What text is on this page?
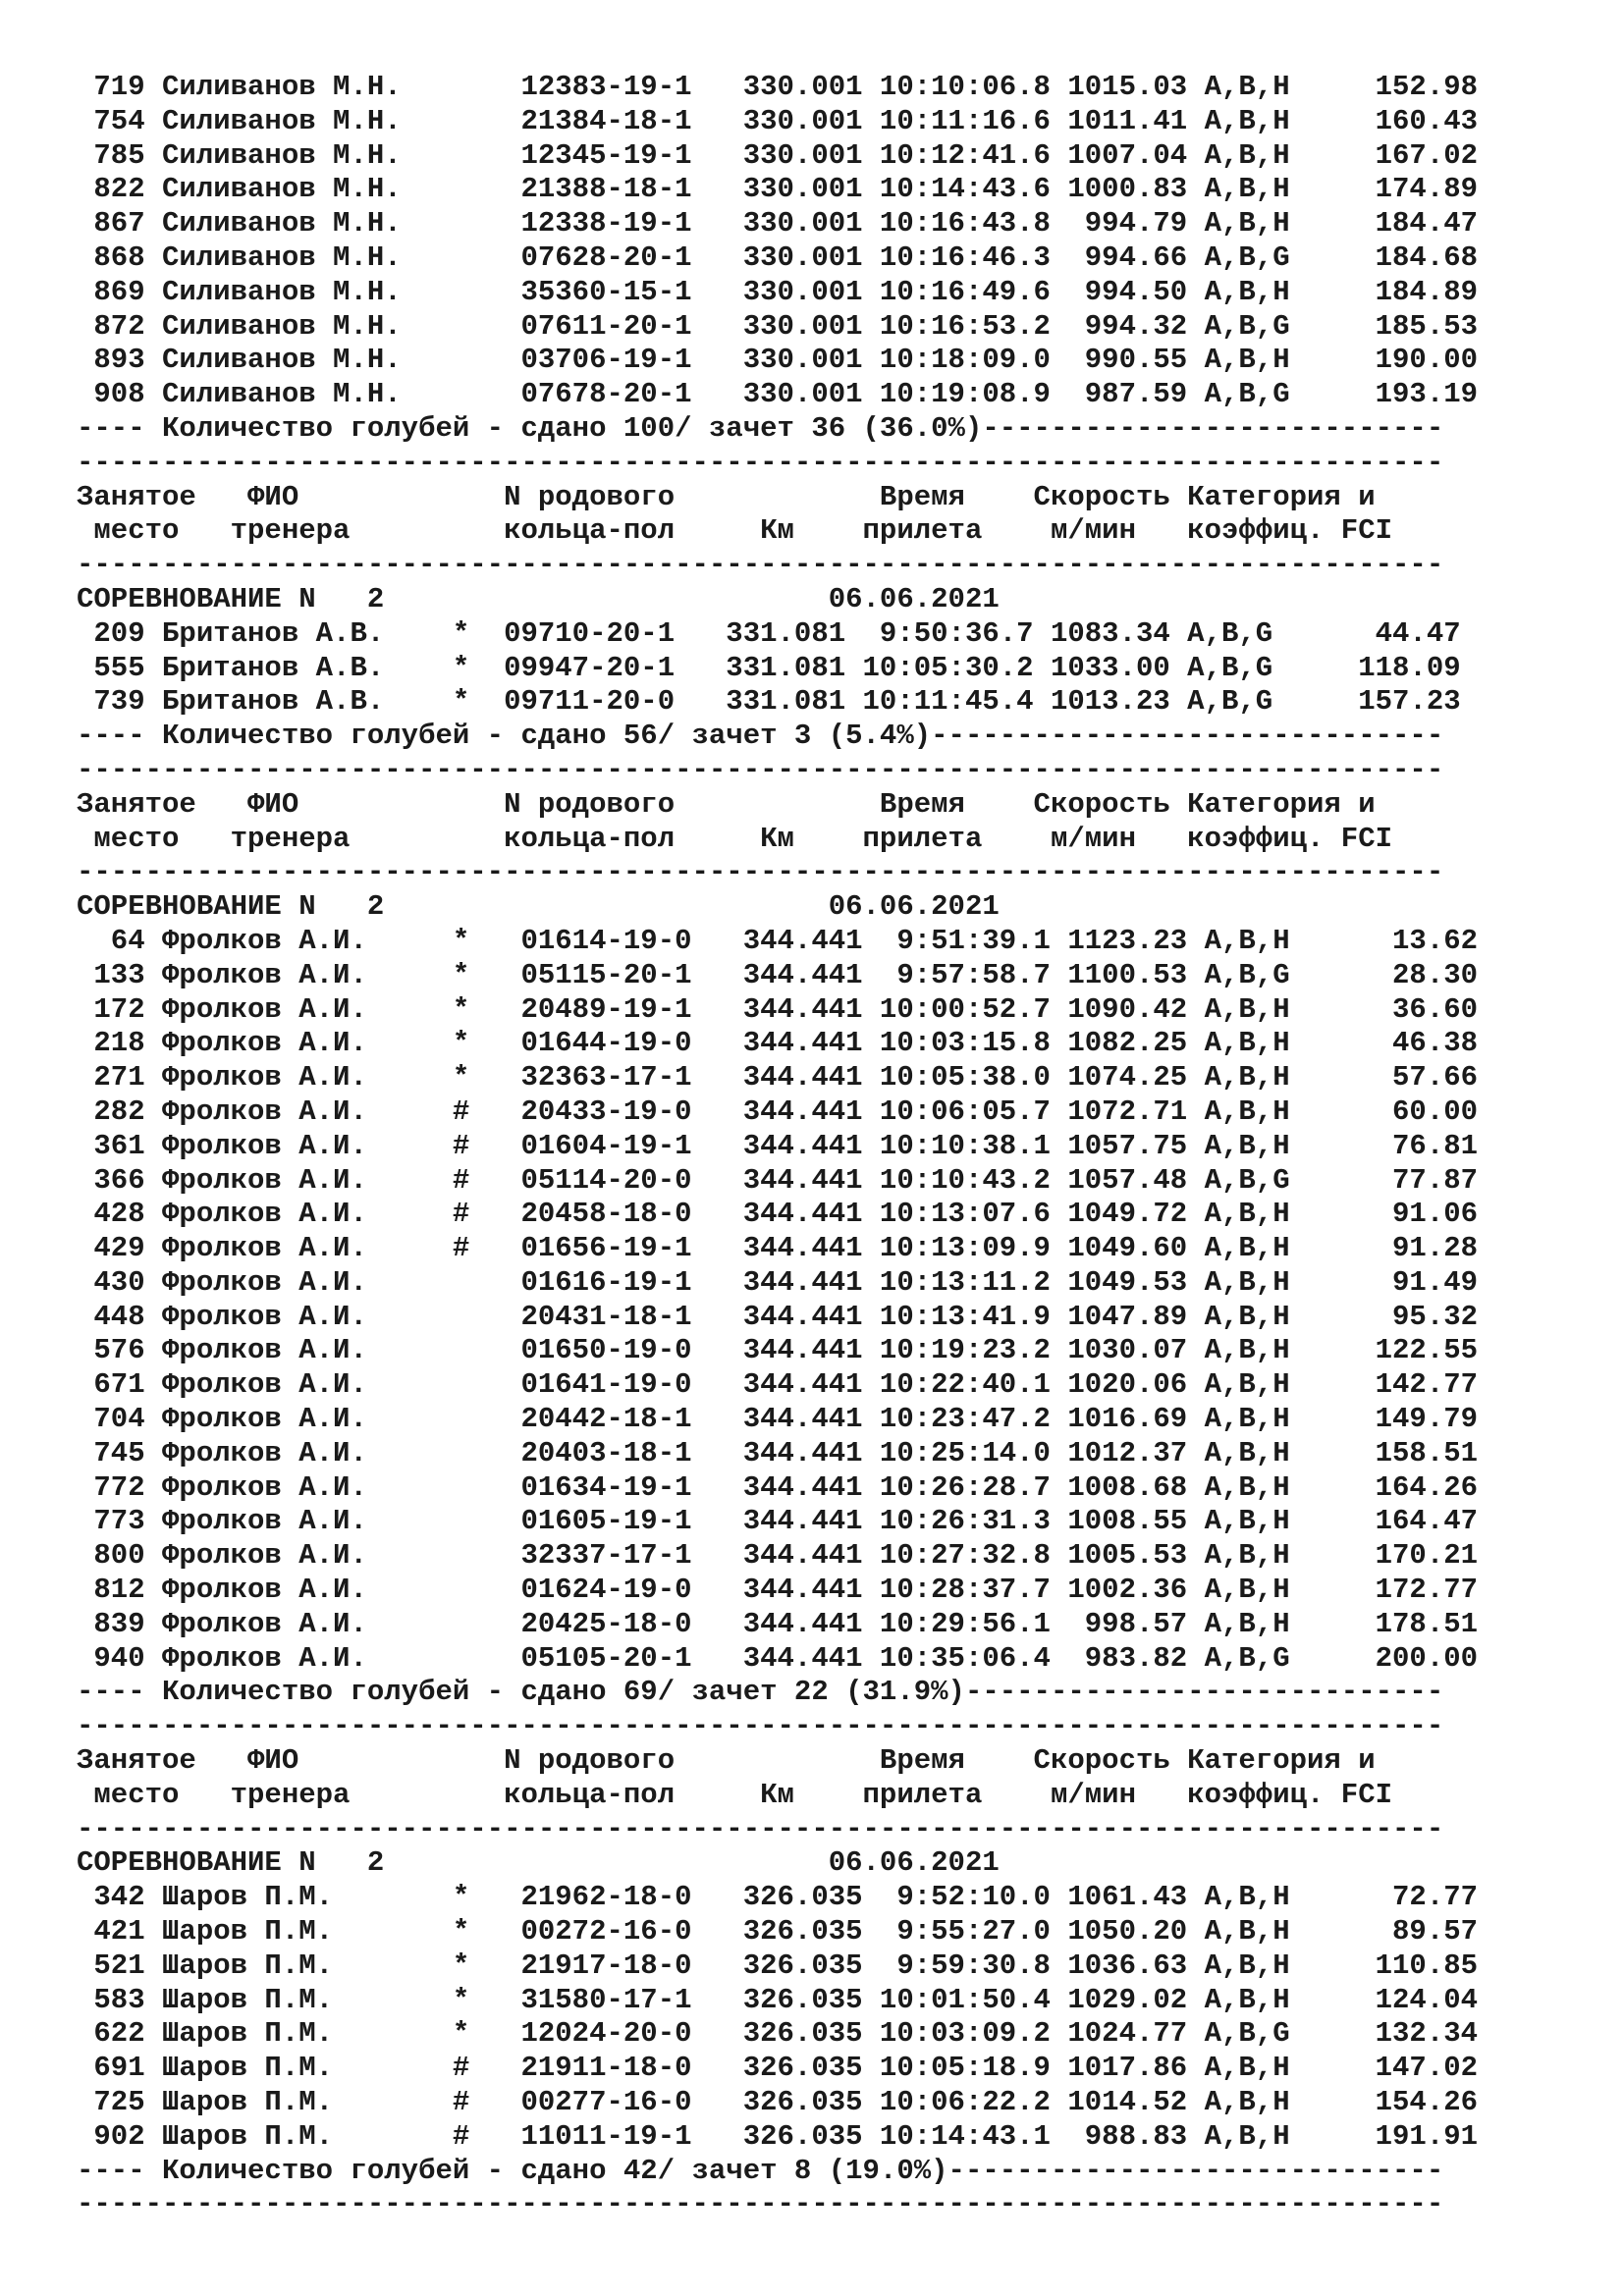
719 Силиванов М.Н.       12383-19-1   330.001 10:10:06.8 1015.03 A,B,H     152.98
754 Силиванов М.Н.       21384-18-1   330.001 10:11:16.6 1011.41 A,B,H     160.43
785 Силиванов М.Н.       12345-19-1   330.001 10:12:41.6 1007.04 A,B,H     167.02
822 Силиванов М.Н.       21388-18-1   330.001 10:14:43.6 1000.83 A,B,H     174.89
867 Силиванов М.Н.       12338-19-1   330.001 10:16:43.8  994.79 A,B,H     184.47
868 Силиванов М.Н.       07628-20-1   330.001 10:16:46.3  994.66 A,B,G     184.68
869 Силиванов М.Н.       35360-15-1   330.001 10:16:49.6  994.50 A,B,H     184.89
872 Силиванов М.Н.       07611-20-1   330.001 10:16:53.2  994.32 A,B,G     185.53
893 Силиванов М.Н.       03706-19-1   330.001 10:18:09.0  990.55 A,B,H     190.00
908 Силиванов М.Н.       07678-20-1   330.001 10:19:08.9  987.59 A,B,G     193.19
---- Количество голубей - сдано 100/ зачет 36 (36.0%)---------------------------
--------------------------------------------------------------------------------
Занятое   ФИО            N родового            Время    Скорость Категория и
место   тренера         кольца-пол     Км    прилета    м/мин   коэффиц. FCI
--------------------------------------------------------------------------------
СОРЕВНОВАНИЕ N   2                          06.06.2021
209 Британов А.В.    *  09710-20-1   331.081  9:50:36.7 1083.34 A,B,G      44.47
555 Британов А.В.    *  09947-20-1   331.081 10:05:30.2 1033.00 A,B,G     118.09
739 Британов А.В.    *  09711-20-0   331.081 10:11:45.4 1013.23 A,B,G     157.23
---- Количество голубей - сдано 56/ зачет 3 (5.4%)------------------------------
--------------------------------------------------------------------------------
Занятое   ФИО            N родового            Время    Скорость Категория и
место   тренера         кольца-пол     Км    прилета    м/мин   коэффиц. FCI
--------------------------------------------------------------------------------
СОРЕВНОВАНИЕ N   2                          06.06.2021
64 Фролков А.И.     *   01614-19-0   344.441  9:51:39.1 1123.23 A,B,H      13.62
133 Фролков А.И.     *   05115-20-1   344.441  9:57:58.7 1100.53 A,B,G      28.30
172 Фролков А.И.     *   20489-19-1   344.441 10:00:52.7 1090.42 A,B,H      36.60
218 Фролков А.И.     *   01644-19-0   344.441 10:03:15.8 1082.25 A,B,H      46.38
271 Фролков А.И.     *   32363-17-1   344.441 10:05:38.0 1074.25 A,B,H      57.66
282 Фролков А.И.     #   20433-19-0   344.441 10:06:05.7 1072.71 A,B,H      60.00
361 Фролков А.И.     #   01604-19-1   344.441 10:10:38.1 1057.75 A,B,H      76.81
366 Фролков А.И.     #   05114-20-0   344.441 10:10:43.2 1057.48 A,B,G      77.87
428 Фролков А.И.     #   20458-18-0   344.441 10:13:07.6 1049.72 A,B,H      91.06
429 Фролков А.И.     #   01656-19-1   344.441 10:13:09.9 1049.60 A,B,H      91.28
430 Фролков А.И.         01616-19-1   344.441 10:13:11.2 1049.53 A,B,H      91.49
448 Фролков А.И.         20431-18-1   344.441 10:13:41.9 1047.89 A,B,H      95.32
576 Фролков А.И.         01650-19-0   344.441 10:19:23.2 1030.07 A,B,H     122.55
671 Фролков А.И.         01641-19-0   344.441 10:22:40.1 1020.06 A,B,H     142.77
704 Фролков А.И.         20442-18-1   344.441 10:23:47.2 1016.69 A,B,H     149.79
745 Фролков А.И.         20403-18-1   344.441 10:25:14.0 1012.37 A,B,H     158.51
772 Фролков А.И.         01634-19-1   344.441 10:26:28.7 1008.68 A,B,H     164.26
773 Фролков А.И.         01605-19-1   344.441 10:26:31.3 1008.55 A,B,H     164.47
800 Фролков А.И.         32337-17-1   344.441 10:27:32.8 1005.53 A,B,H     170.21
812 Фролков А.И.         01624-19-0   344.441 10:28:37.7 1002.36 A,B,H     172.77
839 Фролков А.И.         20425-18-0   344.441 10:29:56.1  998.57 A,B,H     178.51
940 Фролков А.И.         05105-20-1   344.441 10:35:06.4  983.82 A,B,G     200.00
---- Количество голубей - сдано 69/ зачет 22 (31.9%)----------------------------
--------------------------------------------------------------------------------
Занятое   ФИО            N родового            Время    Скорость Категория и
место   тренера         кольца-пол     Км    прилета    м/мин   коэффиц. FCI
--------------------------------------------------------------------------------
СОРЕВНОВАНИЕ N   2                          06.06.2021
342 Шаров П.М.       *   21962-18-0   326.035  9:52:10.0 1061.43 A,B,H      72.77
421 Шаров П.М.       *   00272-16-0   326.035  9:55:27.0 1050.20 A,B,H      89.57
521 Шаров П.М.       *   21917-18-0   326.035  9:59:30.8 1036.63 A,B,H     110.85
583 Шаров П.М.       *   31580-17-1   326.035 10:01:50.4 1029.02 A,B,H     124.04
622 Шаров П.М.       *   12024-20-0   326.035 10:03:09.2 1024.77 A,B,G     132.34
691 Шаров П.М.       #   21911-18-0   326.035 10:05:18.9 1017.86 A,B,H     147.02
725 Шаров П.М.       #   00277-16-0   326.035 10:06:22.2 1014.52 A,B,H     154.26
902 Шаров П.М.       #   11011-19-1   326.035 10:14:43.1  988.83 A,B,H     191.91
---- Количество голубей - сдано 42/ зачет 8 (19.0%)-----------------------------
--------------------------------------------------------------------------------
